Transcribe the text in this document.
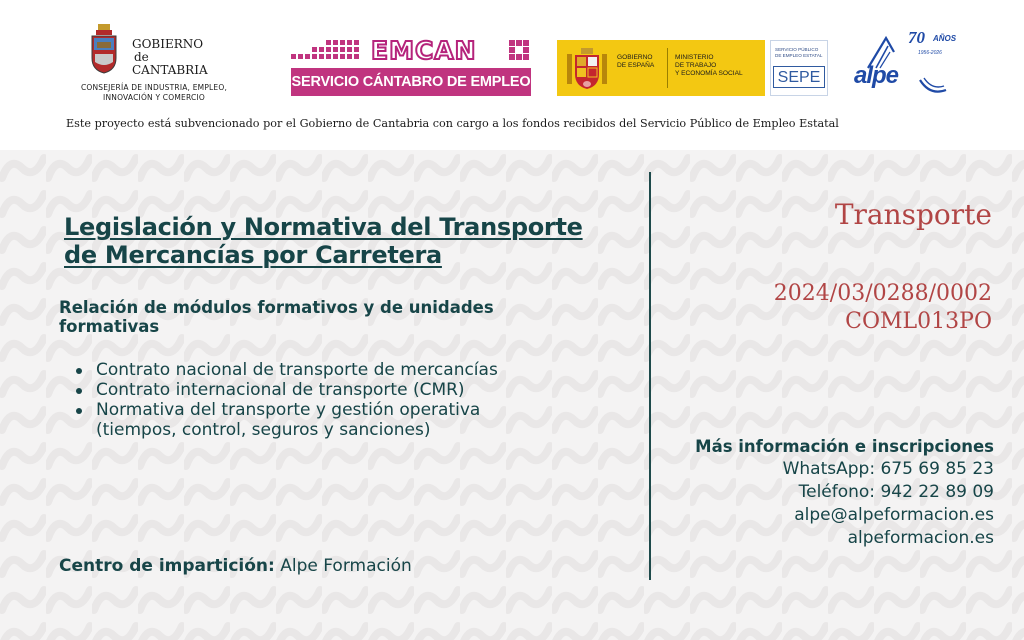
GOBIERNO
de
CANTABRIA
CONSEJERÍA DE INDUSTRIA, EMPLEO,
INNOVACIÓN Y COMERCIO
EMCAN
SERVICIO CÁNTABRO DE EMPLEO
GOBIERNO
DE ESPAÑA
MINISTERIO
DE TRABAJO
Y ECONOMÍA SOCIAL
SERVICIO PÚBLICO
DE EMPLEO ESTATAL
SEPE
70 AÑOS
1956-2026
alpe
Este proyecto está subvencionado por el Gobierno de Cantabria con cargo a los fondos recibidos del Servicio Público de Empleo Estatal
Legislación y Normativa del Transporte
de Mercancías por Carretera
Relación de módulos formativos y de unidades
formativas
Contrato nacional de transporte de mercancías
Contrato internacional de transporte (CMR)
Normativa del transporte y gestión operativa
(tiempos, control, seguros y sanciones)
Centro de impartición: Alpe Formación
Transporte
2024/03/0288/0002
COML013PO
Más información e inscripciones
WhatsApp: 675 69 85 23
Teléfono: 942 22 89 09
alpe@alpeformacion.es
alpeformacion.es
